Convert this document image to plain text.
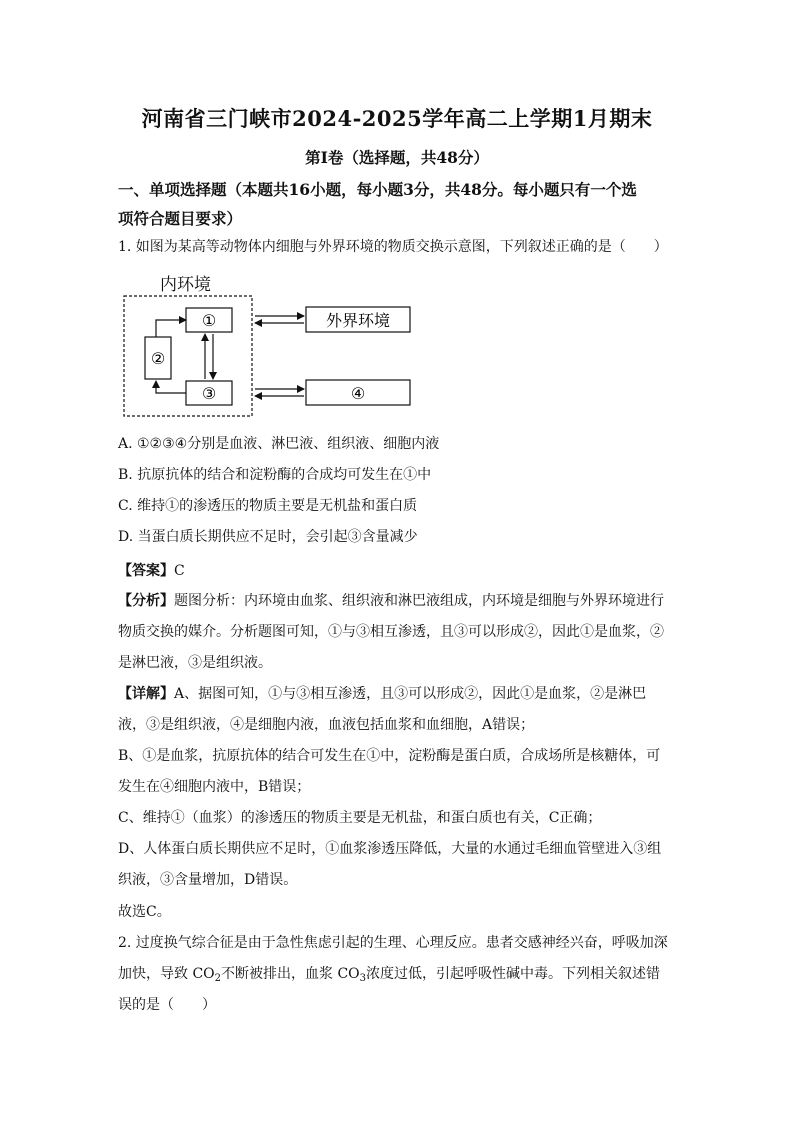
河南省三门峡市2024-2025学年高二上学期1月期末
第Ⅰ卷（选择题，共48分）
一、单项选择题（本题共16小题，每小题3分，共48分。每小题只有一个选
项符合题目要求）
1. 如图为某高等动物体内细胞与外界环境的物质交换示意图，下列叙述正确的是（　　）
内环境
①
②
③
外界环境
④
A. ①②③④分别是血液、淋巴液、组织液、细胞内液
B. 抗原抗体的结合和淀粉酶的合成均可发生在①中
C. 维持①的渗透压的物质主要是无机盐和蛋白质
D. 当蛋白质长期供应不足时，会引起③含量减少
【答案】C
【分析】题图分析：内环境由血浆、组织液和淋巴液组成，内环境是细胞与外界环境进行
物质交换的媒介。分析题图可知，①与③相互渗透，且③可以形成②，因此①是血浆，②
是淋巴液，③是组织液。
【详解】A、据图可知，①与③相互渗透，且③可以形成②，因此①是血浆，②是淋巴
液，③是组织液，④是细胞内液，血液包括血浆和血细胞，A错误；
B、①是血浆，抗原抗体的结合可发生在①中，淀粉酶是蛋白质，合成场所是核糖体，可
发生在④细胞内液中，B错误；
C、维持①（血浆）的渗透压的物质主要是无机盐，和蛋白质也有关，C正确；
D、人体蛋白质长期供应不足时，①血浆渗透压降低，大量的水通过毛细血管壁进入③组
织液，③含量增加，D错误。
故选C。
2. 过度换气综合征是由于急性焦虑引起的生理、心理反应。患者交感神经兴奋，呼吸加深
加快，导致 $CO_2$不断被排出，血浆 $CO_3$浓度过低，引起呼吸性碱中毒。下列相关叙述错
误的是（　　）
